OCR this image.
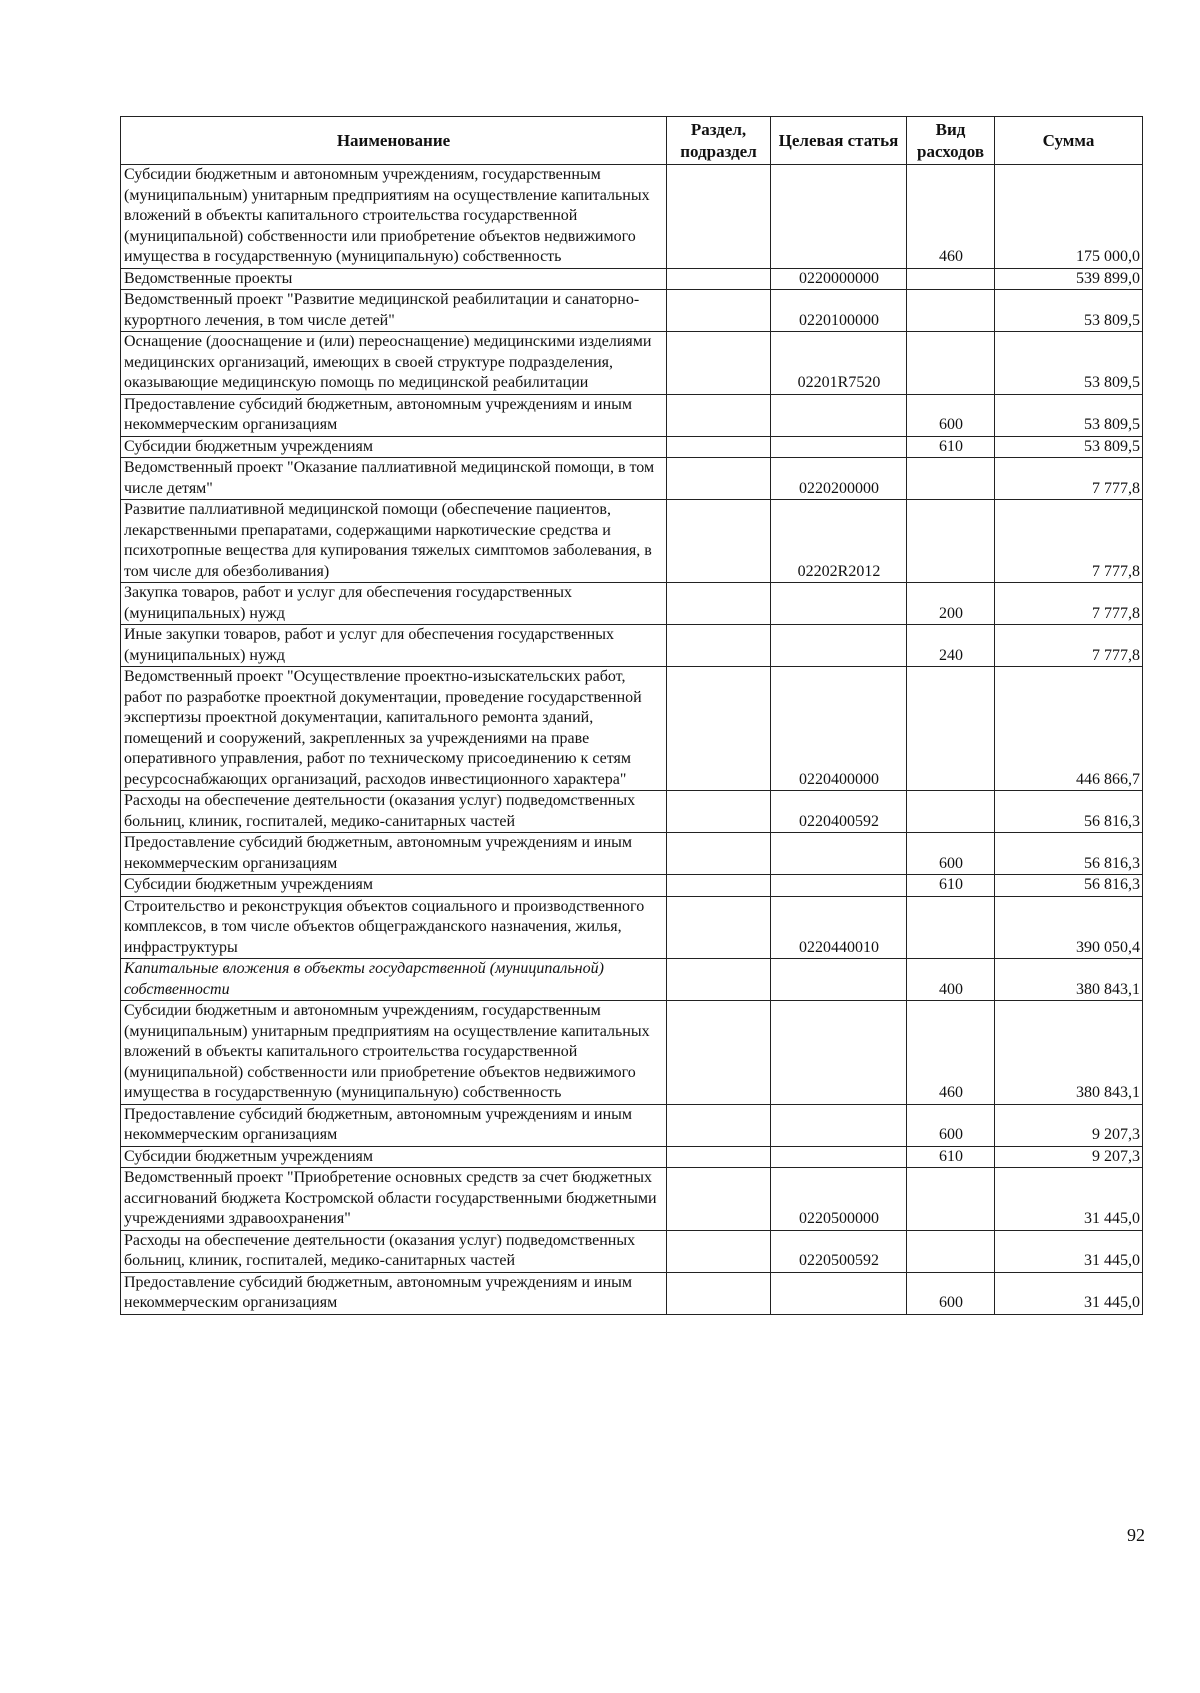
Наименование	Раздел, подраздел	Целевая статья	Вид расходов	Сумма
Субсидии бюджетным и автономным учреждениям, государственным (муниципальным) унитарным предприятиям на осуществление капитальных вложений в объекты капитального строительства государственной (муниципальной) собственности или приобретение объектов недвижимого имущества в государственную (муниципальную) собственность			460	175 000,0
Ведомственные проекты		0220000000		539 899,0
Ведомственный проект "Развитие медицинской реабилитации и санаторно-курортного лечения, в том числе детей"		0220100000		53 809,5
Оснащение (дооснащение и (или) переоснащение) медицинскими изделиями медицинских организаций, имеющих в своей структуре подразделения, оказывающие медицинскую помощь по медицинской реабилитации		02201R7520		53 809,5
Предоставление субсидий бюджетным, автономным учреждениям и иным некоммерческим организациям			600	53 809,5
Субсидии бюджетным учреждениям			610	53 809,5
Ведомственный проект "Оказание паллиативной медицинской помощи, в том числе детям"		0220200000		7 777,8
Развитие паллиативной медицинской помощи (обеспечение пациентов, лекарственными препаратами, содержащими наркотические средства и психотропные вещества для купирования тяжелых симптомов заболевания, в том числе для обезболивания)		02202R2012		7 777,8
Закупка товаров, работ и услуг для обеспечения государственных (муниципальных) нужд			200	7 777,8
Иные закупки товаров, работ и услуг для обеспечения государственных (муниципальных) нужд			240	7 777,8
Ведомственный проект "Осуществление проектно-изыскательских работ, работ по разработке проектной документации, проведение государственной экспертизы проектной документации, капитального ремонта зданий, помещений и сооружений, закрепленных за учреждениями на праве оперативного управления, работ по техническому присоединению к сетям ресурсоснабжающих организаций, расходов инвестиционного характера"		0220400000		446 866,7
Расходы на обеспечение деятельности (оказания услуг) подведомственных больниц, клиник, госпиталей, медико-санитарных частей		0220400592		56 816,3
Предоставление субсидий бюджетным, автономным учреждениям и иным некоммерческим организациям			600	56 816,3
Субсидии бюджетным учреждениям			610	56 816,3
Строительство и реконструкция объектов социального и производственного комплексов, в том числе объектов общегражданского назначения, жилья, инфраструктуры		0220440010		390 050,4
Капитальные вложения в объекты государственной (муниципальной) собственности			400	380 843,1
Субсидии бюджетным и автономным учреждениям, государственным (муниципальным) унитарным предприятиям на осуществление капитальных вложений в объекты капитального строительства государственной (муниципальной) собственности или приобретение объектов недвижимого имущества в государственную (муниципальную) собственность			460	380 843,1
Предоставление субсидий бюджетным, автономным учреждениям и иным некоммерческим организациям			600	9 207,3
Субсидии бюджетным учреждениям			610	9 207,3
Ведомственный проект "Приобретение основных средств за счет бюджетных ассигнований бюджета Костромской области государственными бюджетными учреждениями здравоохранения"		0220500000		31 445,0
Расходы на обеспечение деятельности (оказания услуг) подведомственных больниц, клиник, госпиталей, медико-санитарных частей		0220500592		31 445,0
Предоставление субсидий бюджетным, автономным учреждениям и иным некоммерческим организациям			600	31 445,0
92
